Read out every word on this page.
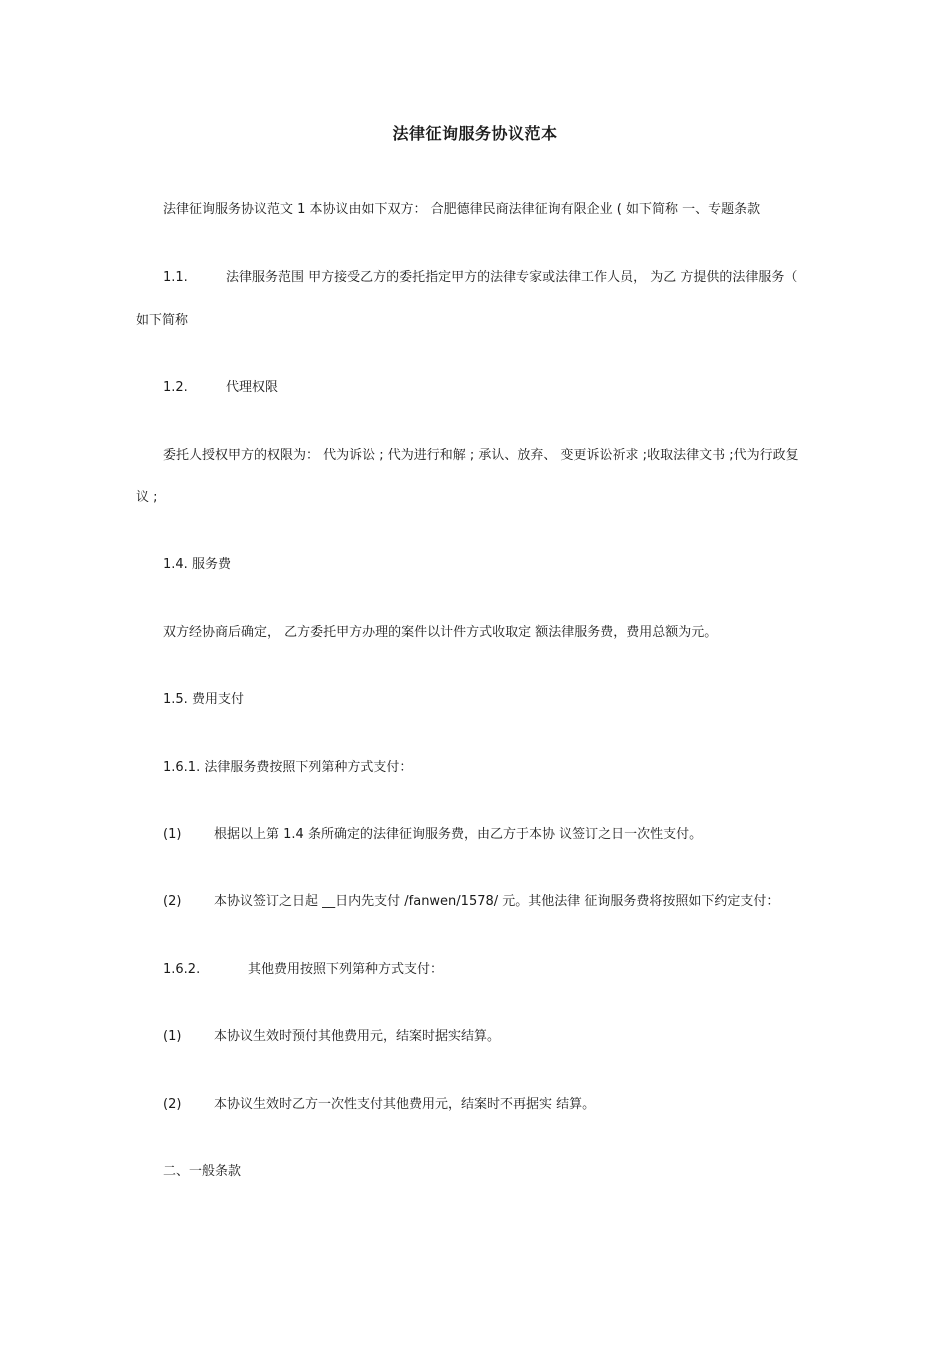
法律征询服务协议范本
法律征询服务协议范文 1 本协议由如下双方： 合肥德律民商法律征询有限企业 ( 如下简称 一、专题条款
1.1.	法律服务范围 甲方接受乙方的委托指定甲方的法律专家或法律工作人员， 为乙 方提供的法律服务（
如下简称
1.2.	代理权限
委托人授权甲方的权限为： 代为诉讼 ; 代为进行和解 ; 承认、放弃、 变更诉讼祈求 ;收取法律文书 ;代为行政复
议 ;
1.4. 服务费
双方经协商后确定， 乙方委托甲方办理的案件以计件方式收取定 额法律服务费，费用总额为元。
1.5. 费用支付
1.6.1. 法律服务费按照下列第种方式支付：
(1)	根据以上第 1.4 条所确定的法律征询服务费，由乙方于本协 议签订之日一次性支付。
(2)	本协议签订之日起 __日内先支付 /fanwen/1578/ 元。其他法律 征询服务费将按照如下约定支付：
1.6.2.	其他费用按照下列第种方式支付：
(1)	本协议生效时预付其他费用元，结案时据实结算。
(2)	本协议生效时乙方一次性支付其他费用元，结案时不再据实 结算。
二、一般条款
